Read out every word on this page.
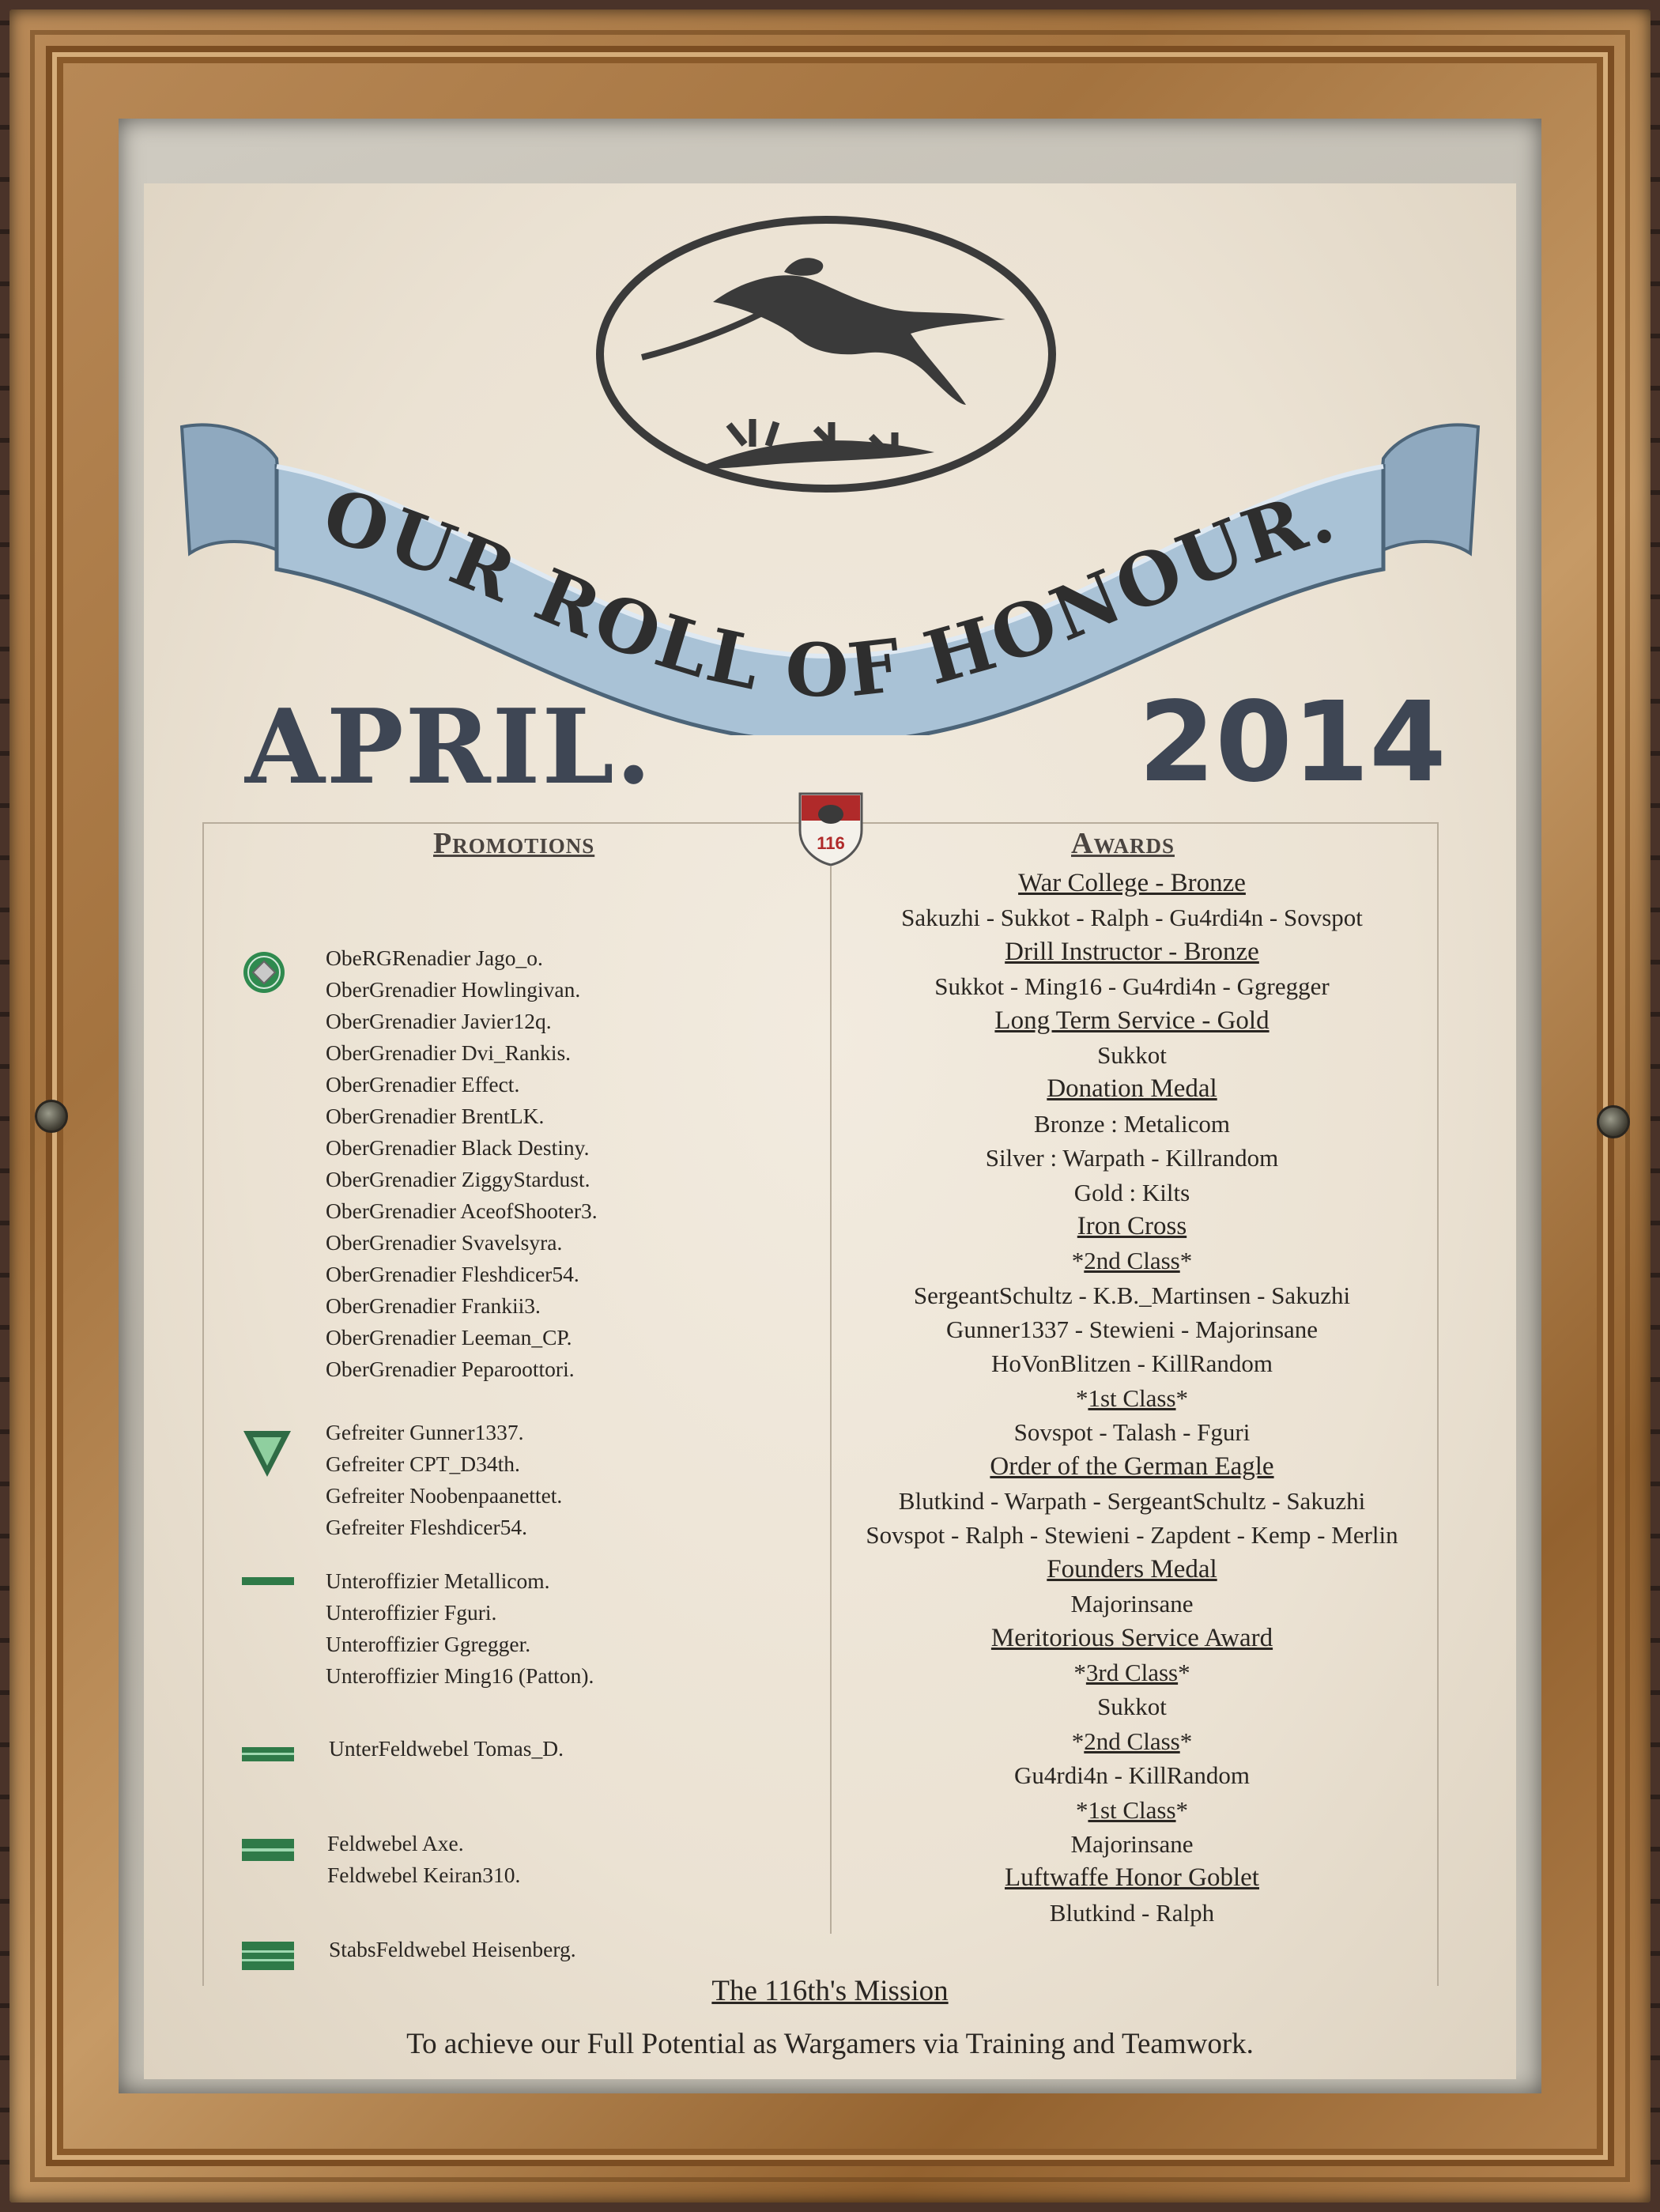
OUR ROLL OF HONOUR.
APRIL .	2014
116
Promotions	Awards
ObeRGRenadier Jago_o.
OberGrenadier Howlingivan.
OberGrenadier Javier12q.
OberGrenadier Dvi_Rankis.
OberGrenadier Effect.
OberGrenadier BrentLK.
OberGrenadier Black Destiny.
OberGrenadier ZiggyStardust.
OberGrenadier AceofShooter3.
OberGrenadier Svavelsyra.
OberGrenadier Fleshdicer54.
OberGrenadier Frankii3.
OberGrenadier Leeman_CP.
OberGrenadier Pераroottori.
Gefreiter Gunner1337.
Gefreiter CPT_D34th.
Gefreiter Noobenpaanettet.
Gefreiter Fleshdicer54.
Unteroffizier Metallicom.
Unteroffizier Fguri.
Unteroffizier Ggregger.
Unteroffizier Ming16 (Patton).
UnterFeldwebel Tomas_D.
Feldwebel Axe.
Feldwebel Keiran310.
StabsFeldwebel Heisenberg.
War College - Bronze
Sakuzhi - Sukkot - Ralph - Gu4rdi4n - Sovspot
Drill Instructor - Bronze
Sukkot - Ming16 - Gu4rdi4n - Ggregger
Long Term Service - Gold
Sukkot
Donation Medal
Bronze : Metalicom
Silver : Warpath - Killrandom
Gold : Kilts
Iron Cross
*2nd Class*
SergeantSchultz - K.B._Martinsen - Sakuzhi
Gunner1337 - Stewieni - Majorinsane
HoVonBlitzen - KillRandom
*1st Class*
Sovspot - Talash - Fguri
Order of the German Eagle
Blutkind - Warpath - SergeantSchultz - Sakuzhi
Sovspot - Ralph - Stewieni - Zapdent - Kemp - Merlin
Founders Medal
Majorinsane
Meritorious Service Award
*3rd Class*
Sukkot
*2nd Class*
Gu4rdi4n - KillRandom
*1st Class*
Majorinsane
Luftwaffe Honor Goblet
Blutkind - Ralph
The 116th's Mission
To achieve our Full Potential as Wargamers via Training and Teamwork.
